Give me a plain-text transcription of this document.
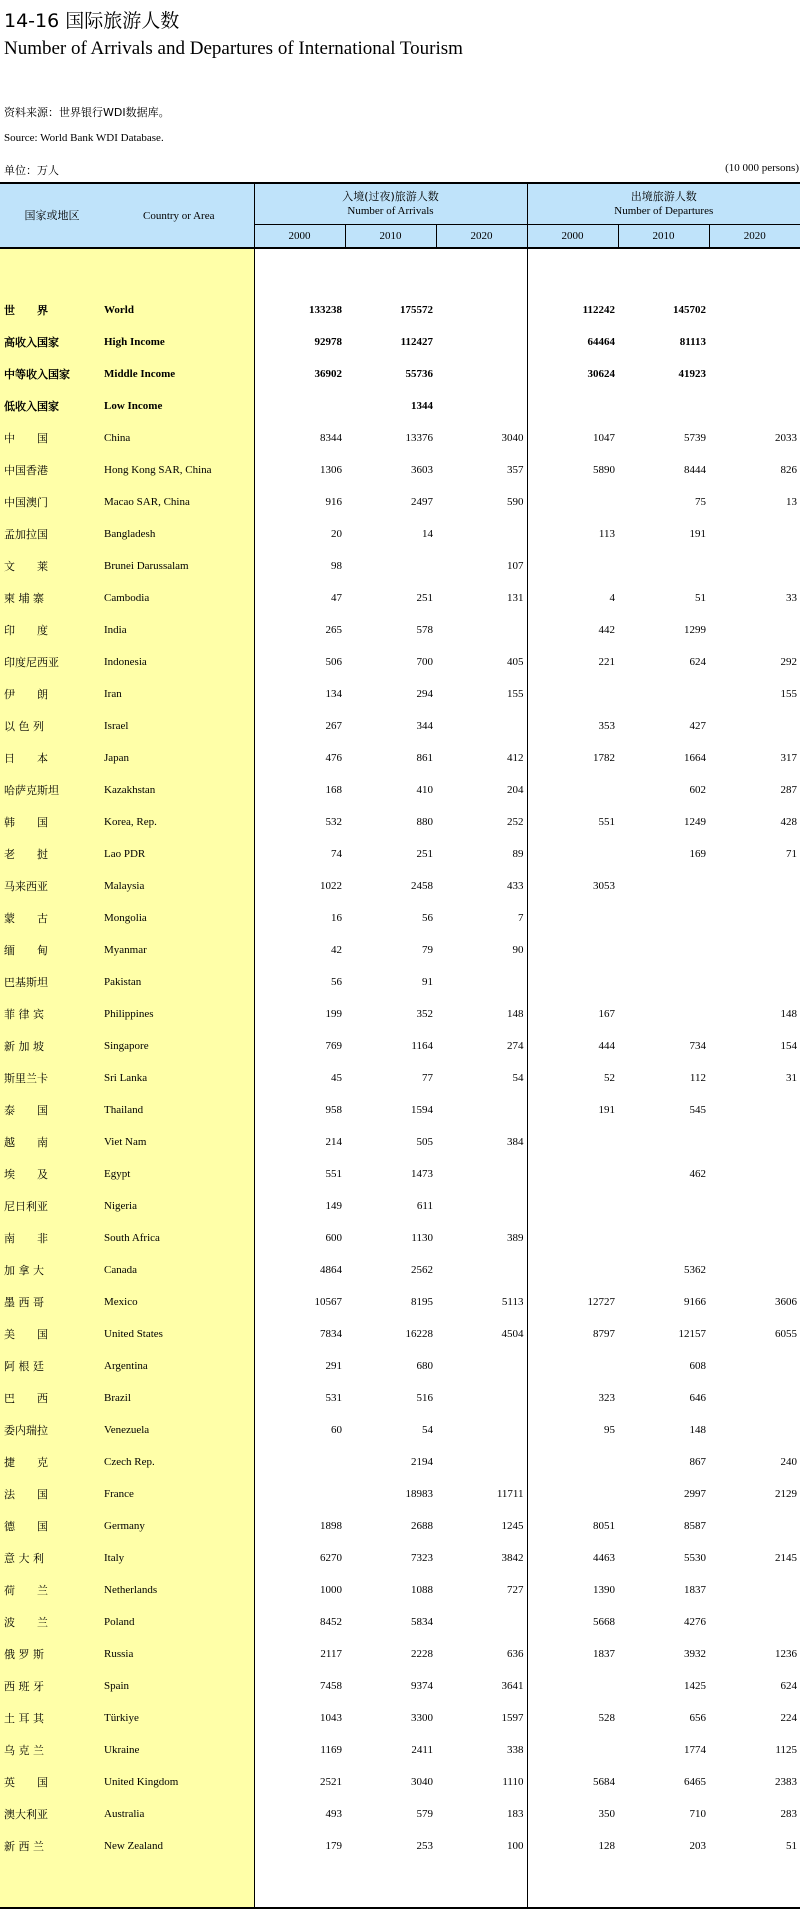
14-16 国际旅游人数
Number of Arrivals and Departures of International Tourism
资料来源：世界银行WDI数据库。
Source: World Bank WDI Database.
单位：万人	(10 000 persons)
国家或地区	Country or Area	入境(过夜)旅游人数
Number of Arrivals			出境旅游人数
Number of Departures		

		2000	2010	2020	2000	2010	2020

世　　界	World	133238	175572		112242	145702	
高收入国家	High Income	92978	112427		64464	81113	
中等收入国家	Middle Income	36902	55736		30624	41923	
低收入国家	Low Income		1344				
中　　国	China	8344	13376	3040	1047	5739	2033
中国香港	Hong Kong SAR, China	1306	3603	357	5890	8444	826
中国澳门	Macao SAR, China	916	2497	590		75	13
孟加拉国	Bangladesh	20	14		113	191	
文　　莱	Brunei Darussalam	98		107			
柬 埔 寨	Cambodia	47	251	131	4	51	33
印　　度	India	265	578		442	1299	
印度尼西亚	Indonesia	506	700	405	221	624	292
伊　　朗	Iran	134	294	155			155
以 色 列	Israel	267	344		353	427	
日　　本	Japan	476	861	412	1782	1664	317
哈萨克斯坦	Kazakhstan	168	410	204		602	287
韩　　国	Korea, Rep.	532	880	252	551	1249	428
老　　挝	Lao PDR	74	251	89		169	71
马来西亚	Malaysia	1022	2458	433	3053		
蒙　　古	Mongolia	16	56	7			
缅　　甸	Myanmar	42	79	90			
巴基斯坦	Pakistan	56	91				
菲 律 宾	Philippines	199	352	148	167		148
新 加 坡	Singapore	769	1164	274	444	734	154
斯里兰卡	Sri Lanka	45	77	54	52	112	31
泰　　国	Thailand	958	1594		191	545	
越　　南	Viet Nam	214	505	384			
埃　　及	Egypt	551	1473			462	
尼日利亚	Nigeria	149	611				
南　　非	South Africa	600	1130	389			
加 拿 大	Canada	4864	2562			5362	
墨 西 哥	Mexico	10567	8195	5113	12727	9166	3606
美　　国	United States	7834	16228	4504	8797	12157	6055
阿 根 廷	Argentina	291	680			608	
巴　　西	Brazil	531	516		323	646	
委内瑞拉	Venezuela	60	54		95	148	
捷　　克	Czech Rep.		2194			867	240
法　　国	France		18983	11711		2997	2129
德　　国	Germany	1898	2688	1245	8051	8587	
意 大 利	Italy	6270	7323	3842	4463	5530	2145
荷　　兰	Netherlands	1000	1088	727	1390	1837	
波　　兰	Poland	8452	5834		5668	4276	
俄 罗 斯	Russia	2117	2228	636	1837	3932	1236
西 班 牙	Spain	7458	9374	3641		1425	624
土 耳 其	Türkiye	1043	3300	1597	528	656	224
乌 克 兰	Ukraine	1169	2411	338		1774	1125
英　　国	United Kingdom	2521	3040	1110	5684	6465	2383
澳大利亚	Australia	493	579	183	350	710	283
新 西 兰	New Zealand	179	253	100	128	203	51
